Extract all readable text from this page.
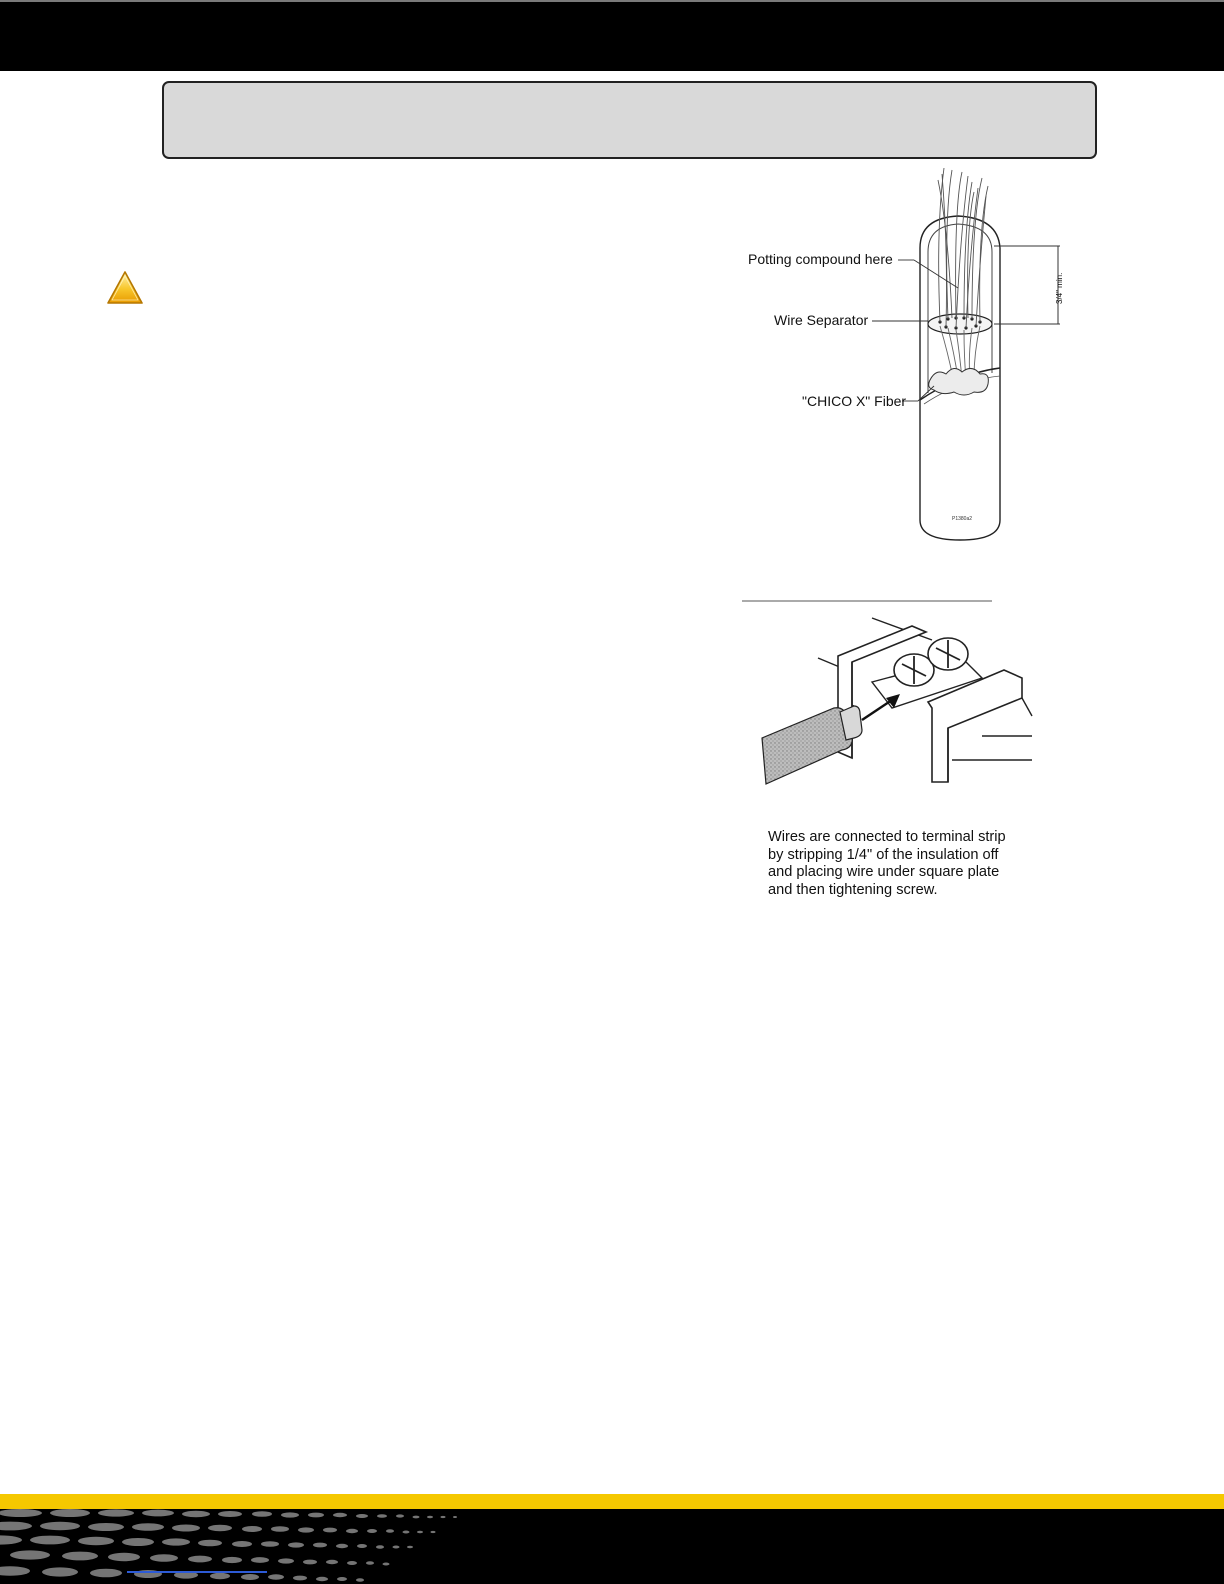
3/4" min.
Potting compound here
Wire Separator
"CHICO X" Fiber
P1380a2

Wires are connected to terminal strip
by stripping 1/4" of the insulation off
and placing wire under square plate
and then tightening screw.
